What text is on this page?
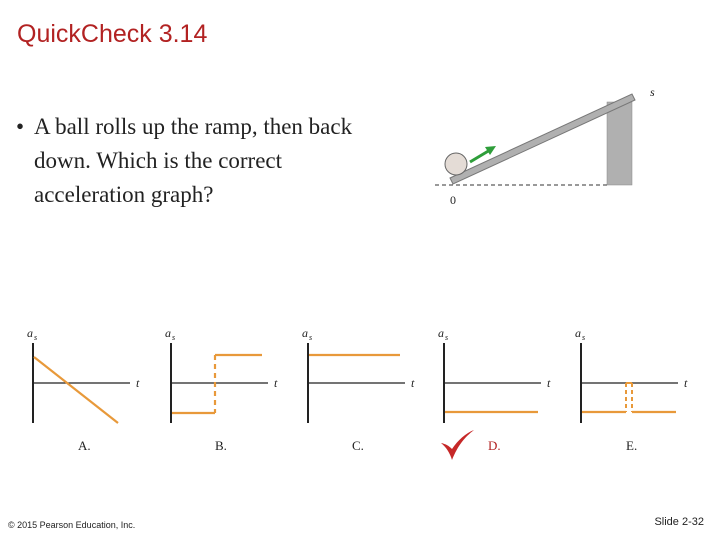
QuickCheck 3.14
• A ball rolls up the ramp, then back down. Which is the correct acceleration graph?
s
0
a s
t
A.
a s
t
B.
a s
t
C.
a s
t
D.
a s
t
E.
© 2015 Pearson Education, Inc.	Slide 2-32
